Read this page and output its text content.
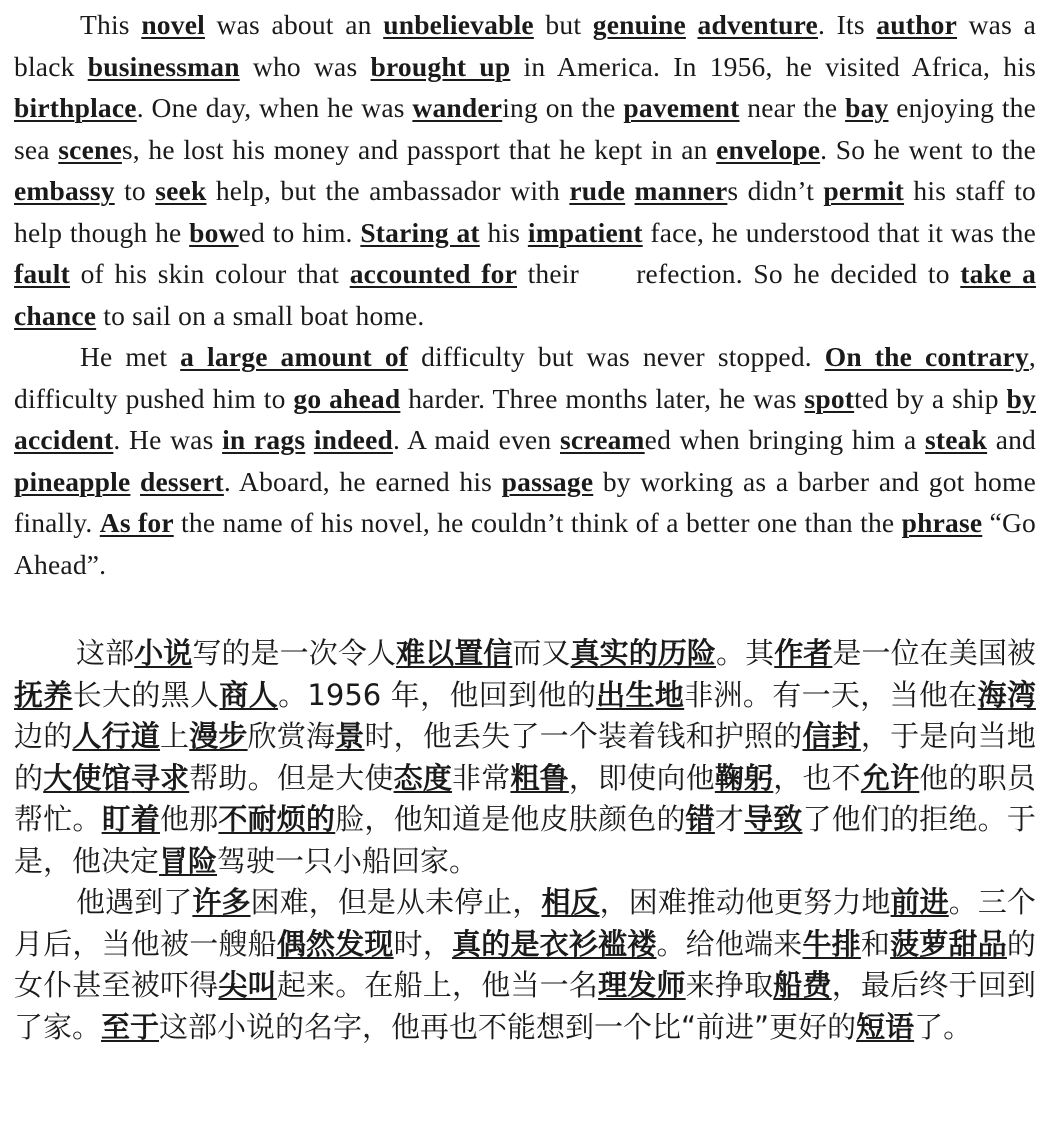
This novel was about an unbelievable but genuine adventure. Its author was a black businessman who was brought up in America. In 1956, he visited Africa, his birthplace. One day, when he was wandering on the pavement near the bay enjoying the sea scenes, he lost his money and passport that he kept in an envelope. So he went to the embassy to seek help, but the ambassador with rude manners didn’t permit his staff to help though he bowed to him. Staring at his impatient face, he understood that it was the fault of his skin colour that accounted for their  refection. So he decided to take a chance to sail on a small boat home.

He met a large amount of difficulty but was never stopped. On the contrary, difficulty pushed him to go ahead harder. Three months later, he was spotted by a ship by accident. He was in rags indeed. A maid even screamed when bringing him a steak and pineapple dessert. Aboard, he earned his passage by working as a barber and got home finally. As for the name of his novel, he couldn’t think of a better one than the phrase “Go Ahead”.

这部小说写的是一次令人难以置信而又真实的历险。其作者是一位在美国被抚养长大的黑人商人。1956 年，他回到他的出生地非洲。有一天，当他在海湾边的人行道上漫步欣赏海景时，他丢失了一个装着钱和护照的信封，于是向当地的大使馆寻求帮助。但是大使态度非常粗鲁，即使向他鞠躬，也不允许他的职员帮忙。盯着他那不耐烦的脸，他知道是他皮肤颜色的错才导致了他们的拒绝。于是，他决定冒险驾驶一只小船回家。

他遇到了许多困难，但是从未停止，相反，困难推动他更努力地前进。三个月后，当他被一艘船偶然发现时，真的是衣衫褴褛。给他端来牛排和菠萝甜品的女仆甚至被吓得尖叫起来。在船上，他当一名理发师来挣取船费，最后终于回到了家。至于这部小说的名字，他再也不能想到一个比“前进”更好的短语了。
